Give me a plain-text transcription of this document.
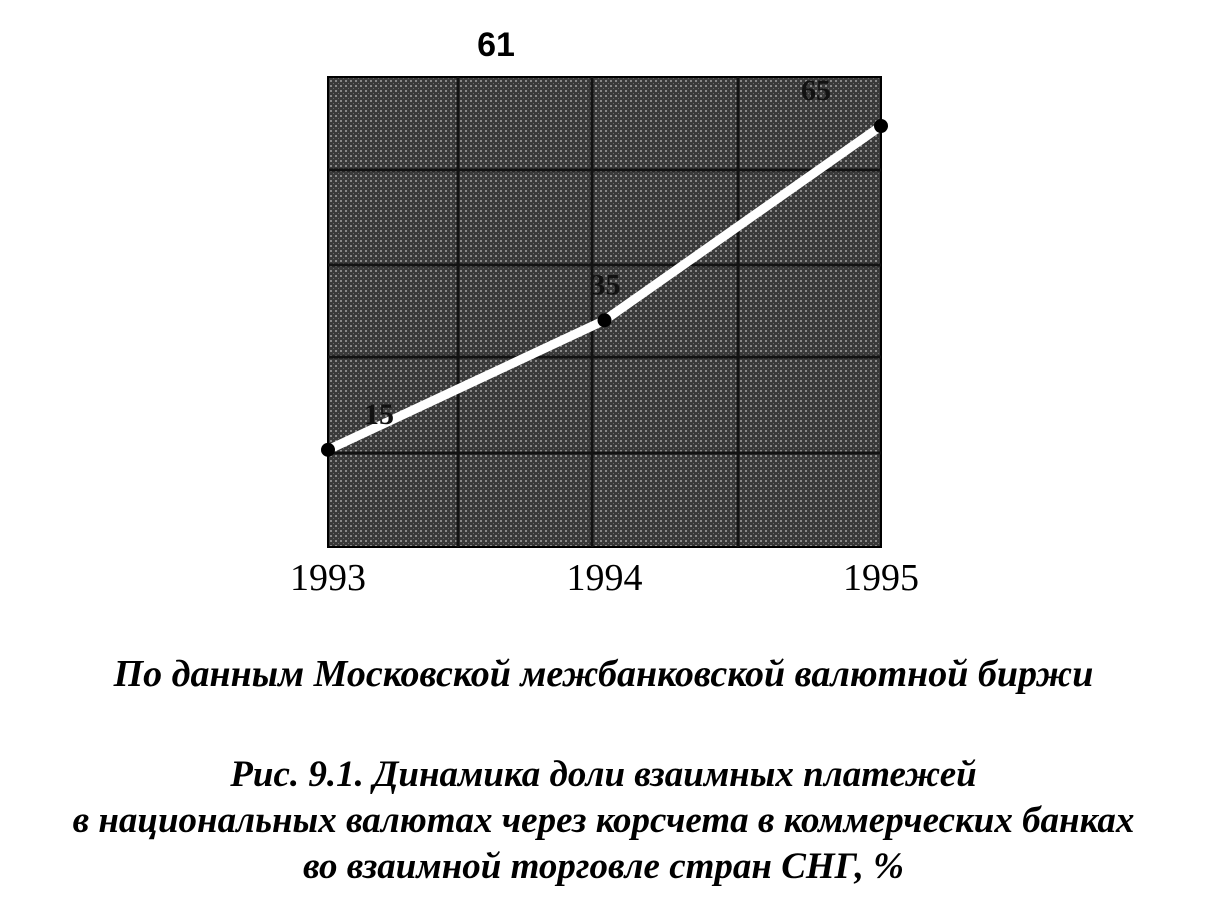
61
15
35
65
1993	1994	1995

По данным Московской межбанковской валютной биржи

Рис. 9.1. Динамика доли взаимных платежей
в национальных валютах через корсчета в коммерческих банках
во взаимной торговле стран СНГ, %
